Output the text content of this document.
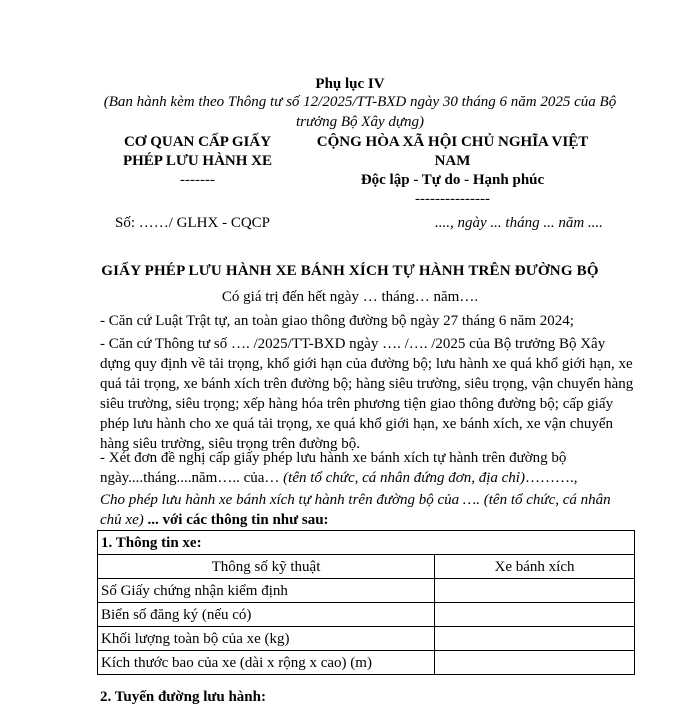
Phụ lục IV
(Ban hành kèm theo Thông tư số 12/2025/TT-BXD ngày 30 tháng 6 năm 2025 của Bộ trưởng Bộ Xây dựng)
CƠ QUAN CẤP GIẤY
PHÉP LƯU HÀNH XE
-------
CỘNG HÒA XÃ HỘI CHỦ NGHĨA VIỆT
NAM
Độc lập - Tự do - Hạnh phúc
---------------
Số: ……/ GLHX - CQCP	...., ngày ... tháng ... năm ....
GIẤY PHÉP LƯU HÀNH XE BÁNH XÍCH TỰ HÀNH TRÊN ĐƯỜNG BỘ
Có giá trị đến hết ngày … tháng… năm….
- Căn cứ Luật Trật tự, an toàn giao thông đường bộ ngày 27 tháng 6 năm 2024;
- Căn cứ Thông tư số …. /2025/TT-BXD ngày …. /…. /2025 của Bộ trưởng Bộ Xây dựng quy định về tải trọng, khổ giới hạn của đường bộ; lưu hành xe quá khổ giới hạn, xe quá tải trọng, xe bánh xích trên đường bộ; hàng siêu trường, siêu trọng, vận chuyển hàng siêu trường, siêu trọng; xếp hàng hóa trên phương tiện giao thông đường bộ; cấp giấy phép lưu hành cho xe quá tải trọng, xe quá khổ giới hạn, xe bánh xích, xe vận chuyển hàng siêu trường, siêu trọng trên đường bộ.
- Xét đơn đề nghị cấp giấy phép lưu hành xe bánh xích tự hành trên đường bộ ngày....tháng....năm….. của… (tên tổ chức, cá nhân đứng đơn, địa chỉ)……….,
Cho phép lưu hành xe bánh xích tự hành trên đường bộ của …. (tên tổ chức, cá nhân chủ xe) ... với các thông tin như sau:
1. Thông tin xe:	
Thông số kỹ thuật	Xe bánh xích
Số Giấy chứng nhận kiểm định	
Biển số đăng ký (nếu có)	
Khối lượng toàn bộ của xe (kg)	
Kích thước bao của xe (dài x rộng x cao) (m)	
2. Tuyến đường lưu hành:
